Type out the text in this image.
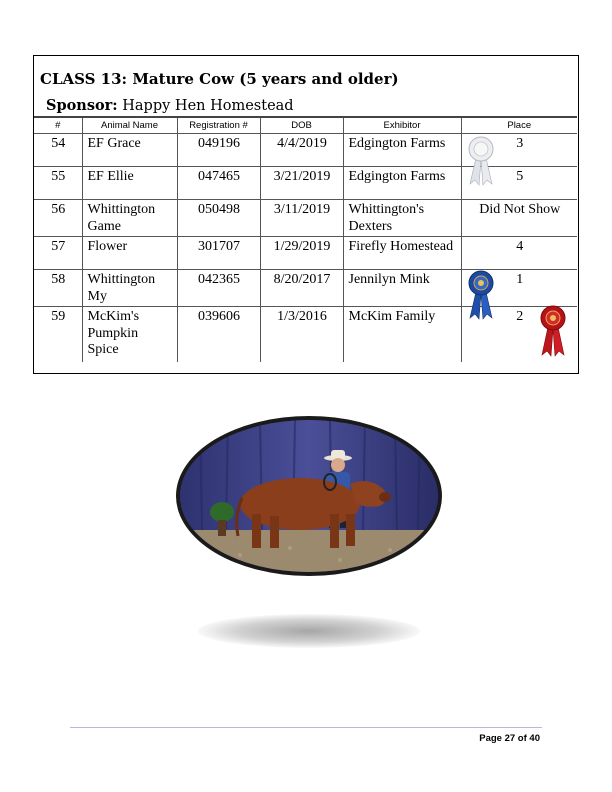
CLASS 13: Mature Cow (5 years and older)
Sponsor: Happy Hen Homestead
#	Animal Name	Registration #	DOB	Exhibitor	Place
54	EF Grace	049196	4/4/2019	Edgington Farms	3
55	EF Ellie	047465	3/21/2019	Edgington Farms	5
56	Whittington Game	050498	3/11/2019	Whittington's Dexters	Did Not Show
57	Flower	301707	1/29/2019	Firefly Homestead	4
58	Whittington My	042365	8/20/2017	Jennilyn Mink	1
59	McKim's Pumpkin Spice	039606	1/3/2016	McKim Family	2
Page 27 of 40
